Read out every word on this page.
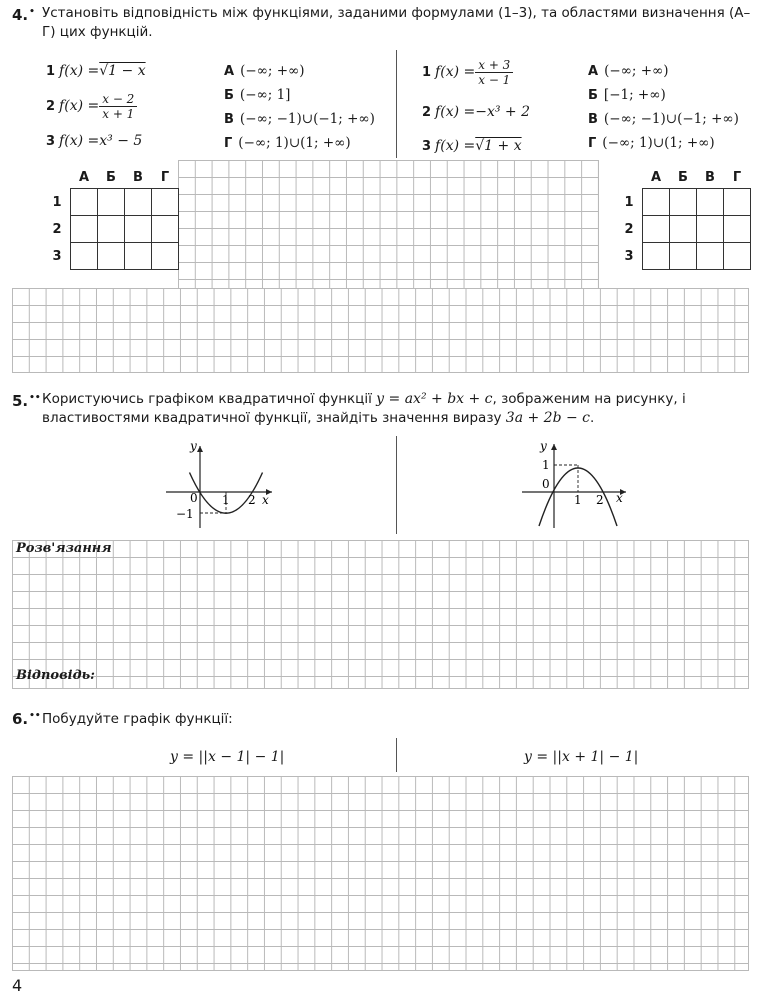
4.• Установіть відповідність між функціями, заданими формулами (1–3), та областями визначення (А–Г) цих функцій.
1 f(x) = √1 − x
2 $f(x) = \frac{x - 2}{x + 1}$
3 f(x) = x³ − 5
А (−∞; +∞)
Б (−∞; 1]
В (−∞; −1)∪(−1; +∞)
Г (−∞; 1)∪(1; +∞)
1 $f(x) = \frac{x + 3}{x - 1}$
2 f(x) = −x³ + 2
3 f(x) = √1 + x
А (−∞; +∞)
Б [−1; +∞)
В (−∞; −1)∪(−1; +∞)
Г (−∞; 1)∪(1; +∞)
	А	Б	В	Г
1				
2				
3				
	А	Б	В	Г
1				
2				
3				
5.•• Користуючись графіком квадратичної функції y = ax² + bx + c, зображеним на рисунку, і властивостями квадратичної функції, знайдіть значення виразу 3a + 2b − c.
y
x
0 1 2
−1
y
x
0
1
1 2
Розв'язання
Відповідь:
6.•• Побудуйте графік функції:
y = ||x − 1| − 1|	y = ||x + 1| − 1|
4
